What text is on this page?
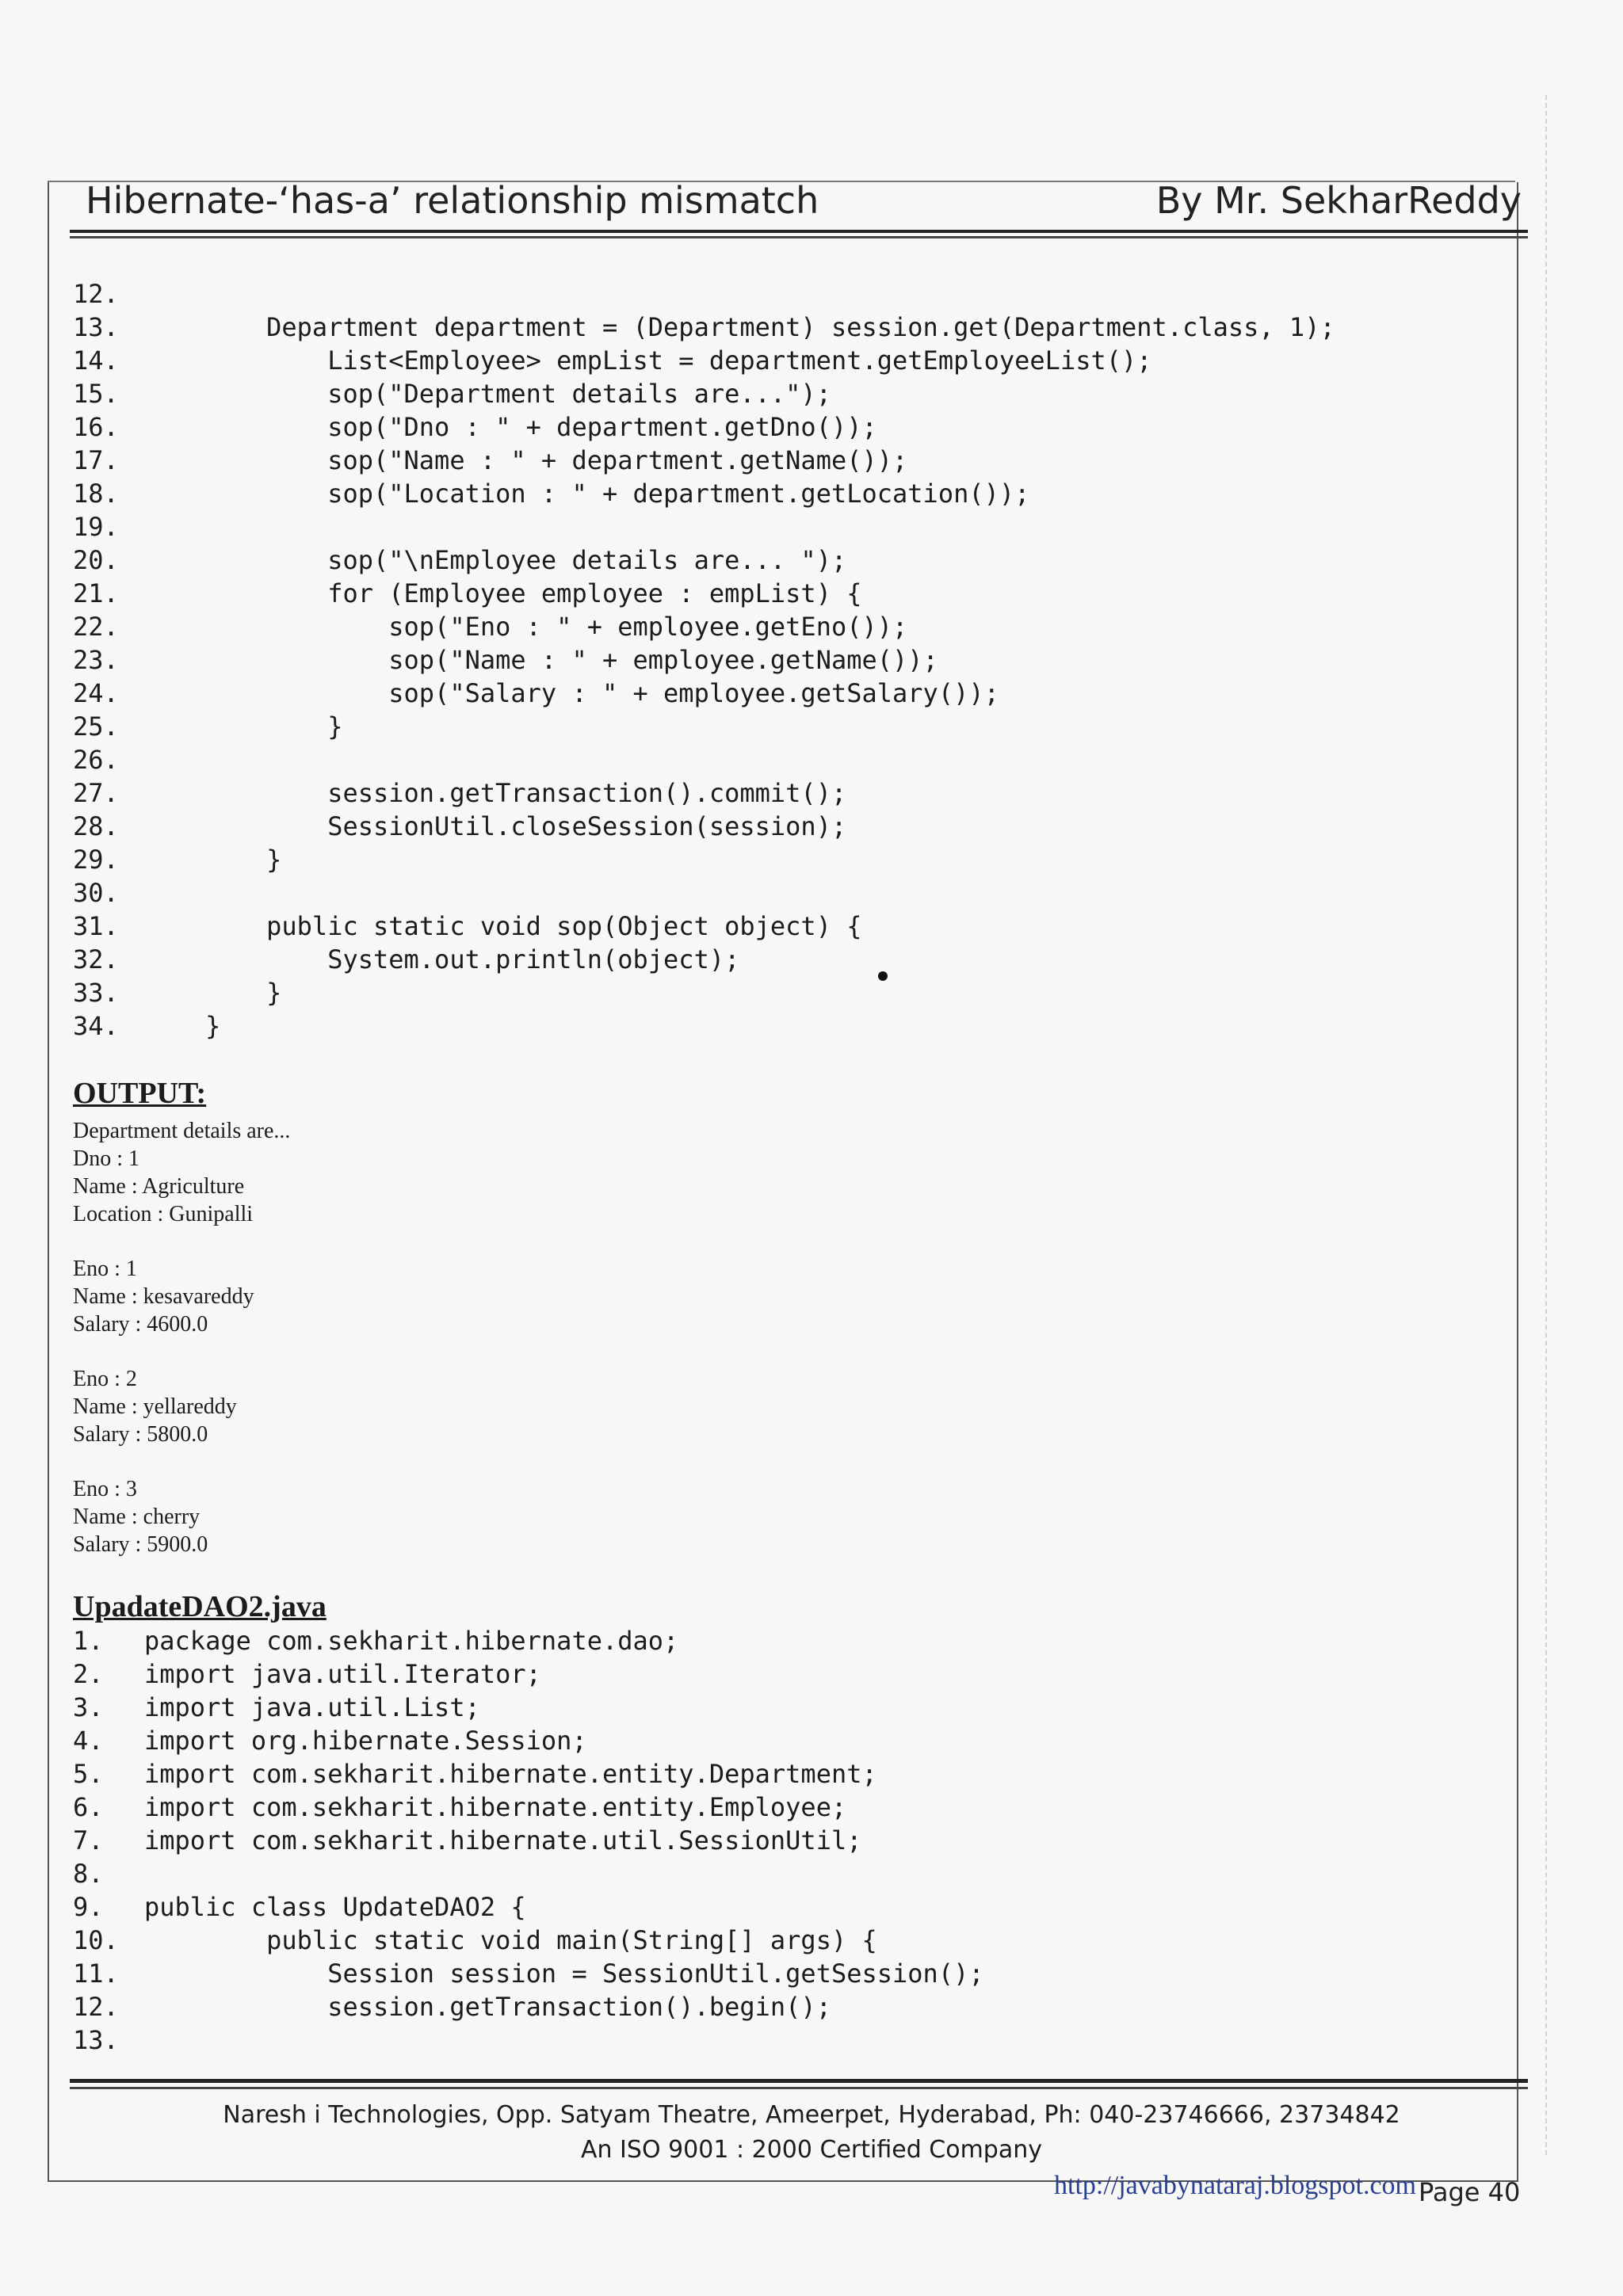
Hibernate-‘has-a’ relationship mismatch	By Mr. SekharReddy
12.
13.        Department department = (Department) session.get(Department.class, 1);
14.            List<Employee> empList = department.getEmployeeList();
15.            sop("Department details are...");
16.            sop("Dno : " + department.getDno());
17.            sop("Name : " + department.getName());
18.            sop("Location : " + department.getLocation());
19.
20.            sop("\nEmployee details are... ");
21.            for (Employee employee : empList) {
22.                sop("Eno : " + employee.getEno());
23.                sop("Name : " + employee.getName());
24.                sop("Salary : " + employee.getSalary());
25.            }
26.
27.            session.getTransaction().commit();
28.            SessionUtil.closeSession(session);
29.        }
30.
31.        public static void sop(Object object) {
32.            System.out.println(object);
33.        }
34.    }
OUTPUT:
Department details are...
Dno : 1
Name : Agriculture
Location : Gunipalli
Eno : 1
Name : kesavareddy
Salary : 4600.0
Eno : 2
Name : yellareddy
Salary : 5800.0
Eno : 3
Name : cherry
Salary : 5900.0
UpadateDAO2.java
1. package com.sekharit.hibernate.dao;
2. import java.util.Iterator;
3. import java.util.List;
4. import org.hibernate.Session;
5. import com.sekharit.hibernate.entity.Department;
6. import com.sekharit.hibernate.entity.Employee;
7. import com.sekharit.hibernate.util.SessionUtil;
8.
9. public class UpdateDAO2 {
10.        public static void main(String[] args) {
11.            Session session = SessionUtil.getSession();
12.            session.getTransaction().begin();
13.
Naresh i Technologies, Opp. Satyam Theatre, Ameerpet, Hyderabad, Ph: 040-23746666, 23734842
An ISO 9001 : 2000 Certified Company
http://javabynataraj.blogspot.com Page 40
